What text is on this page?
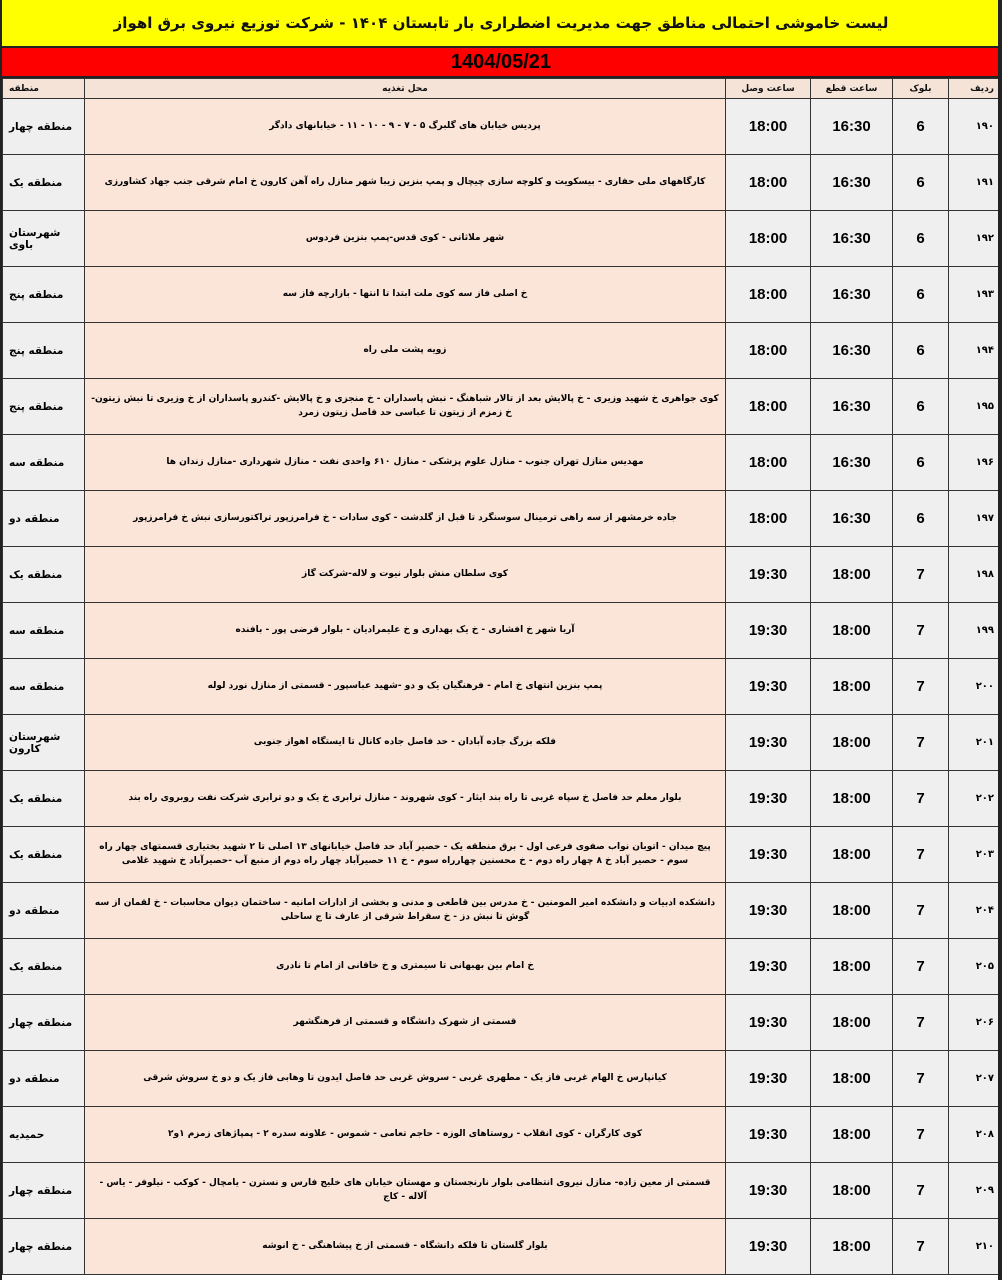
لیست خاموشی احتمالی مناطق جهت مدیریت اضطراری بار تابستان ۱۴۰۴ - شرکت توزیع نیروی برق اهواز
1404/05/21
ردیف	بلوک	ساعت قطع	ساعت وصل	محل تغذیه	منطقه
۱۹۰	6	16:30	18:00	پردیس خیابان های گلبرگ ۵ - ۷ - ۹ - ۱۰ - ۱۱ - خیابانهای دادگر	منطقه چهار
۱۹۱	6	16:30	18:00	کارگاههای ملی حفاری - بیسکویت و کلوچه سازی چیچال و پمپ بنزین زیبا شهر منازل راه آهن کارون خ امام شرقی جنب جهاد کشاورزی	منطقه یک
۱۹۲	6	16:30	18:00	شهر ملاثانی - کوی قدس-پمپ بنزین فردوس	شهرستان باوی
۱۹۳	6	16:30	18:00	خ اصلی فاز سه کوی ملت ابتدا تا انتها - بازارچه فاز سه	منطقه پنج
۱۹۴	6	16:30	18:00	زویه پشت ملی راه	منطقه پنج
۱۹۵	6	16:30	18:00	کوی جواهری خ شهید وزیری - خ پالایش بعد از تالار شباهنگ - نبش پاسداران - خ منجزی و خ پالایش -کندرو پاسداران از خ وزیری تا نبش زیتون-خ زمزم از زیتون تا عباسی حد فاصل زیتون زمرد	منطقه پنج
۱۹۶	6	16:30	18:00	مهدیس منازل تهران جنوب - منازل علوم پزشکی - منازل ۶۱۰ واحدی نفت - منازل شهرداری -منازل زندان ها	منطقه سه
۱۹۷	6	16:30	18:00	جاده خرمشهر از سه راهی ترمینال سوسنگرد تا قبل از گلدشت - کوی سادات - خ فرامرزپور تراکتورسازی نبش خ فرامرزپور	منطقه دو
۱۹۸	7	18:00	19:30	کوی سلطان منش بلوار نیوت و لاله-شرکت گاز	منطقه یک
۱۹۹	7	18:00	19:30	آریا شهر خ افشاری - خ یک بهداری و خ علیمرادیان - بلوار فرضی پور - بافنده	منطقه سه
۲۰۰	7	18:00	19:30	پمپ بنزین انتهای خ امام - فرهنگیان یک و دو -شهید عباسپور - قسمتی از منازل نورد لوله	منطقه سه
۲۰۱	7	18:00	19:30	فلکه بزرگ جاده آبادان - حد فاصل جاده کانال تا ایستگاه اهواز جنوبی	شهرستان کارون
۲۰۲	7	18:00	19:30	بلوار معلم حد فاصل خ سپاه غربی تا راه بند ایثار - کوی شهروند - منازل ترابری خ یک و دو ترابری شرکت نفت روبروی راه بند	منطقه یک
۲۰۳	7	18:00	19:30	پیچ میدان - اتوبان نواب صفوی فرعی اول - برق منطقه یک - حصیر آباد حد فاصل خیابانهای ۱۳ اصلی تا ۲ شهید بختیاری قسمتهای چهار راه سوم - حصیر آباد خ ۸ چهار راه دوم - خ محسنین چهارراه سوم - خ ۱۱ حصیرآباد چهار راه دوم از منبع آب -حصیرآباد خ شهید غلامی	منطقه یک
۲۰۴	7	18:00	19:30	دانشکده ادبیات و دانشکده امیر المومنین - خ مدرس بین قاطعی و مدنی و بخشی از ادارات امانیه - ساختمان دیوان محاسبات - خ لقمان از سه گوش تا نبش دز - خ سقراط شرقی از عارف تا ج ساحلی	منطقه دو
۲۰۵	7	18:00	19:30	خ امام بین بهبهانی تا سیمتری و خ خاقانی از امام تا نادری	منطقه یک
۲۰۶	7	18:00	19:30	قسمتی از شهرک دانشگاه و قسمتی از فرهنگشهر	منطقه چهار
۲۰۷	7	18:00	19:30	کیانپارس خ الهام غربی فاز یک - مطهری غربی - سروش غربی حد فاصل ایدون تا وهابی فاز یک و دو خ سروش شرقی	منطقه دو
۲۰۸	7	18:00	19:30	کوی کارگران - کوی انقلاب - روستاهای الوزه - حاجم تعامی - شموس - علاونه سدره ۲ - پمپاژهای زمزم ۱و۲	حمیدیه
۲۰۹	7	18:00	19:30	قسمتی از معین زاده- منازل نیروی انتظامی بلوار نارنجستان و مهستان خیابان های خلیج فارس و نسترن - یامچال - کوکب - نیلوفر - یاس - آلاله - کاج	منطقه چهار
۲۱۰	7	18:00	19:30	بلوار گلستان تا فلکه دانشگاه - قسمتی از خ پیشاهنگی - خ انوشه	منطقه چهار
